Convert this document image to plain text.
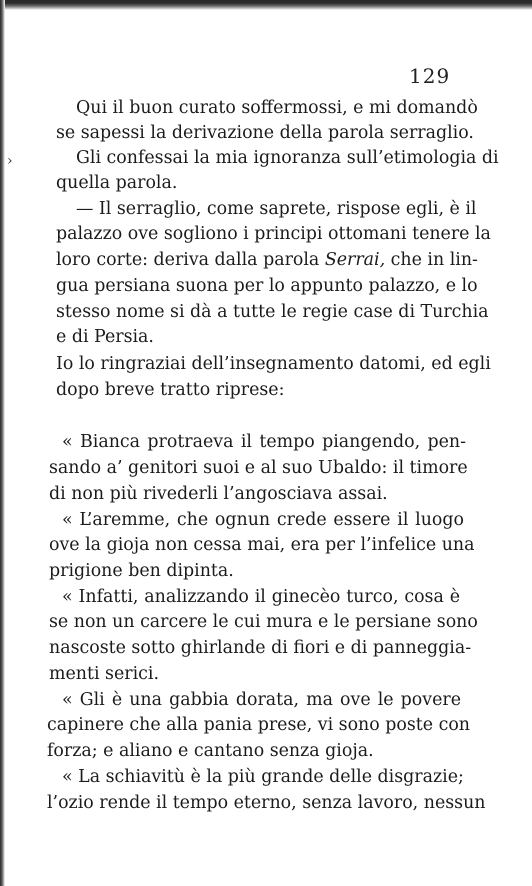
›
129
Qui il buon curato soffermossi, e mi domandò
se sapessi la derivazione della parola serraglio.
Gli confessai la mia ignoranza sull’etimologia di
quella parola.
— Il serraglio, come saprete, rispose egli, è il
palazzo ove sogliono i principi ottomani tenere la
loro corte: deriva dalla parola Serrai, che in lin-
gua persiana suona per lo appunto palazzo, e lo
stesso nome si dà a tutte le regie case di Turchia
e di Persia.
Io lo ringraziai dell’insegnamento datomi, ed egli
dopo breve tratto riprese:
« Bianca protraeva il tempo piangendo, pen-
sando a’ genitori suoi e al suo Ubaldo: il timore
di non più rivederli l’angosciava assai.
« L’aremme, che ognun crede essere il luogo
ove la gioja non cessa mai, era per l’infelice una
prigione ben dipinta.
« Infatti, analizzando il ginecèo turco, cosa è
se non un carcere le cui mura e le persiane sono
nascoste sotto ghirlande di fiori e di panneggia-
menti serici.
« Gli è una gabbia dorata, ma ove le povere
capinere che alla pania prese, vi sono poste con
forza; e aliano e cantano senza gioja.
« La schiavitù è la più grande delle disgrazie;
l’ozio rende il tempo eterno, senza lavoro, nessun
